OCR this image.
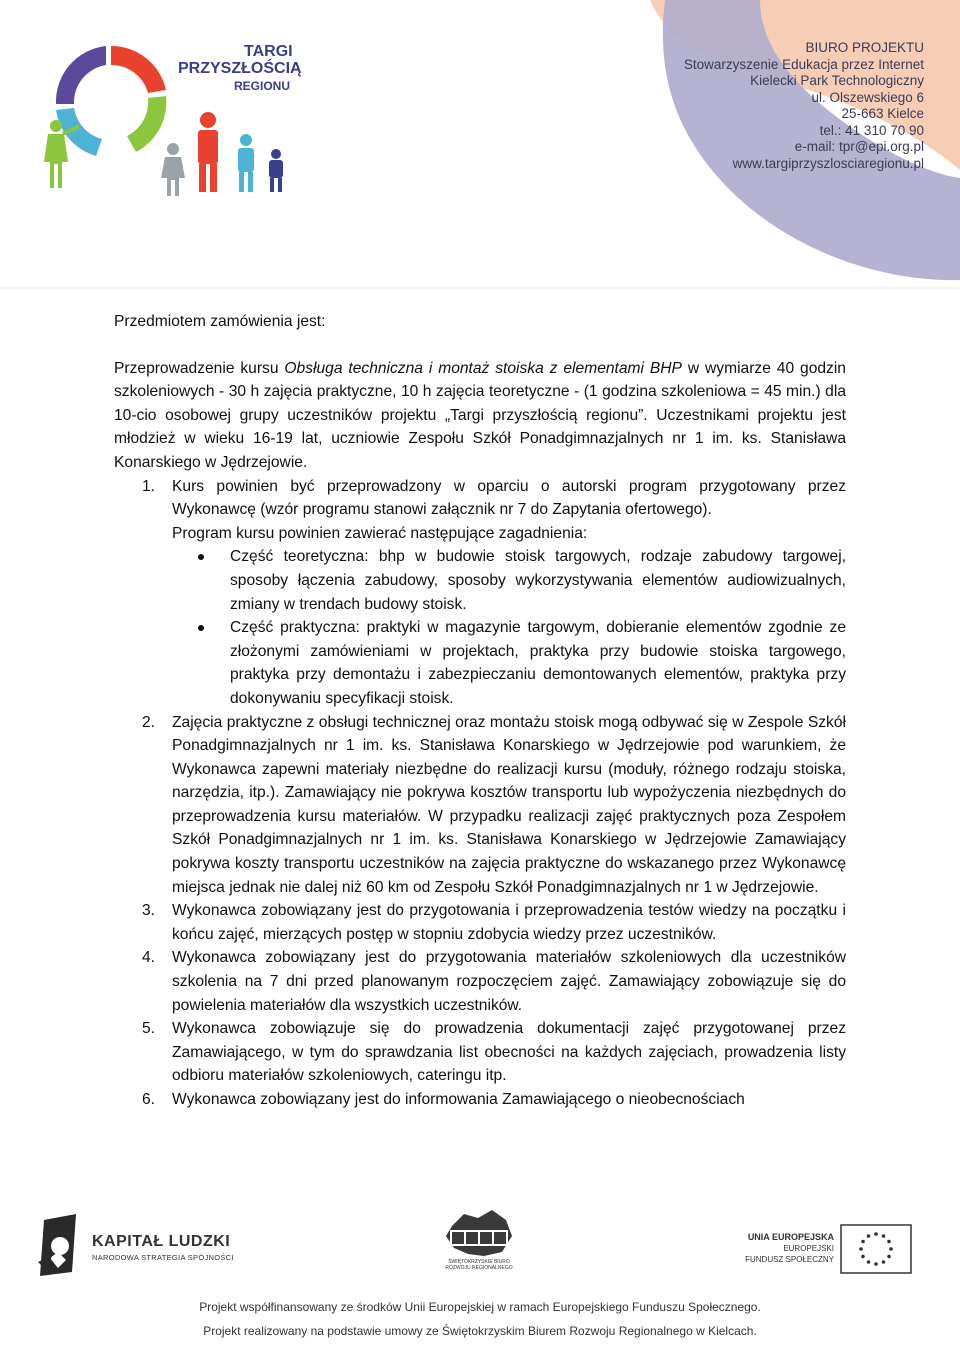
TARGI
PRZYSZŁOŚCIĄ
REGIONU
BIURO PROJEKTU
Stowarzyszenie Edukacja przez Internet
Kielecki Park Technologiczny
ul. Olszewskiego 6
25-663 Kielce
tel.: 41 310 70 90
e-mail: tpr@epi.org.pl
www.targiprzyszlosciaregionu.pl

Przedmiotem zamówienia jest:

Przeprowadzenie kursu Obsługa techniczna i montaż stoiska z elementami BHP w wymiarze 40 godzin szkoleniowych - 30 h zajęcia praktyczne, 10 h zajęcia teoretyczne - (1 godzina szkoleniowa = 45 min.) dla 10-cio osobowej grupy uczestników projektu „Targi przyszłością regionu”. Uczestnikami projektu jest młodzież w wieku 16-19 lat, uczniowie Zespołu Szkół Ponadgimnazjalnych nr 1 im. ks. Stanisława Konarskiego w Jędrzejowie.

1. Kurs powinien być przeprowadzony w oparciu o autorski program przygotowany przez Wykonawcę (wzór programu stanowi załącznik nr 7 do Zapytania ofertowego).
Program kursu powinien zawierać następujące zagadnienia:
Część teoretyczna: bhp w budowie stoisk targowych, rodzaje zabudowy targowej, sposoby łączenia zabudowy, sposoby wykorzystywania elementów audiowizualnych, zmiany w trendach budowy stoisk.
Część praktyczna: praktyki w magazynie targowym, dobieranie elementów zgodnie ze złożonymi zamówieniami w projektach, praktyka przy budowie stoiska targowego, praktyka przy demontażu i zabezpieczaniu demontowanych elementów, praktyka przy dokonywaniu specyfikacji stoisk.
2. Zajęcia praktyczne z obsługi technicznej oraz montażu stoisk mogą odbywać się w Zespole Szkół Ponadgimnazjalnych nr 1 im. ks. Stanisława Konarskiego w Jędrzejowie pod warunkiem, że Wykonawca zapewni materiały niezbędne do realizacji kursu (moduły, różnego rodzaju stoiska, narzędzia, itp.). Zamawiający nie pokrywa kosztów transportu lub wypożyczenia niezbędnych do przeprowadzenia kursu materiałów. W przypadku realizacji zajęć praktycznych poza Zespołem Szkół Ponadgimnazjalnych nr 1 im. ks. Stanisława Konarskiego w Jędrzejowie Zamawiający pokrywa koszty transportu uczestników na zajęcia praktyczne do wskazanego przez Wykonawcę miejsca jednak nie dalej niż 60 km od Zespołu Szkół Ponadgimnazjalnych nr 1 w Jędrzejowie.
3. Wykonawca zobowiązany jest do przygotowania i przeprowadzenia testów wiedzy na początku i końcu zajęć, mierzących postęp w stopniu zdobycia wiedzy przez uczestników.
4. Wykonawca zobowiązany jest do przygotowania materiałów szkoleniowych dla uczestników szkolenia na 7 dni przed planowanym rozpoczęciem zajęć. Zamawiający zobowiązuje się do powielenia materiałów dla wszystkich uczestników.
5. Wykonawca zobowiązuje się do prowadzenia dokumentacji zajęć przygotowanej przez Zamawiającego, w tym do sprawdzania list obecności na każdych zajęciach, prowadzenia listy odbioru materiałów szkoleniowych, cateringu itp.
6. Wykonawca zobowiązany jest do informowania Zamawiającego o nieobecnościach
KAPITAŁ LUDZKI
NARODOWA STRATEGIA SPÓJNOŚCI	ŚWIĘTOKRZYSKIE BIURO ROZWOJU REGIONALNEGO
UNIA EUROPEJSKA
EUROPEJSKI
FUNDUSZ SPOŁECZNY
Projekt współfinansowany ze środków Unii Europejskiej w ramach Europejskiego Funduszu Społecznego.
Projekt realizowany na podstawie umowy ze Świętokrzyskim Biurem Rozwoju Regionalnego w Kielcach.
